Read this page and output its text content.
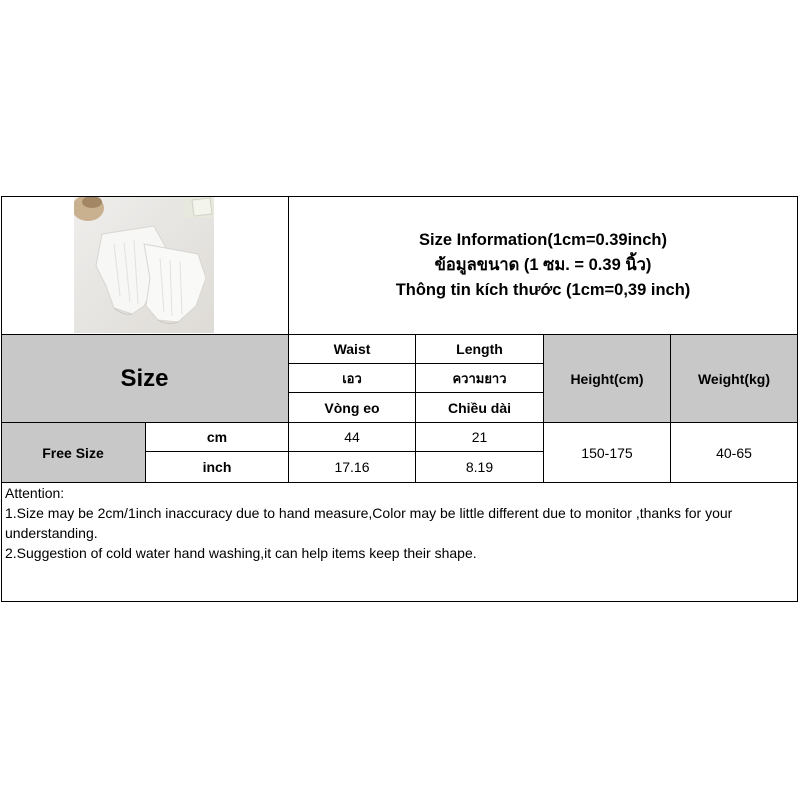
Size Information(1cm=0.39inch)
ข้อมูลขนาด (1 ซม. = 0.39 นิ้ว)
Thông tin kích thước (1cm=0,39 inch)
Size
Waist
เอว
Vòng eo
Length
ความยาว
Chiều dài
Height(cm)	Weight(kg)
Free Size
cm
inch
44
17.16
21
8.19
150-175	40-65
Attention:
1.Size may be 2cm/1inch inaccuracy due to hand measure,Color may be little different due to monitor ,thanks for your understanding.
2.Suggestion of cold water hand washing,it can help items keep their shape.
